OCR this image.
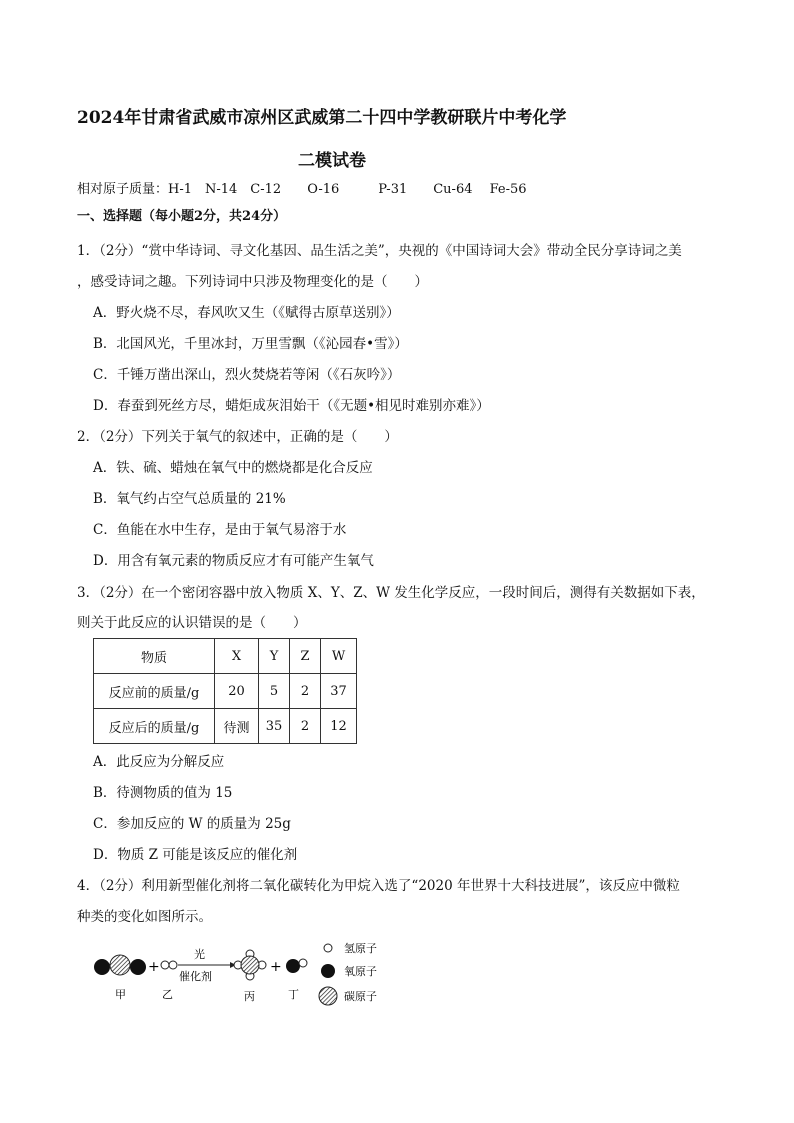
2024年甘肃省武威市凉州区武威第二十四中学教研联片中考化学
二模试卷
相对原子质量：H-1　N-14　C-12　　O-16　　　P-31　　Cu-64　 Fe-56
一、选择题（每小题2分，共24分）
1．（2分）“赏中华诗词、寻文化基因、品生活之美”，央视的《中国诗词大会》带动全民分享诗词之美
，感受诗词之趣。下列诗词中只涉及物理变化的是（　　）
A．野火烧不尽，春风吹又生（《赋得古原草送别》）
B．北国风光，千里冰封，万里雪飘（《沁园春•雪》）
C．千锤万凿出深山，烈火焚烧若等闲（《石灰吟》）
D．春蚕到死丝方尽，蜡炬成灰泪始干（《无题•相见时难别亦难》）
2．（2分）下列关于氧气的叙述中，正确的是（　　）
A．铁、硫、蜡烛在氧气中的燃烧都是化合反应
B．氧气约占空气总质量的 21%
C．鱼能在水中生存，是由于氧气易溶于水
D．用含有氧元素的物质反应才有可能产生氧气
3．（2分）在一个密闭容器中放入物质 X、Y、Z、W 发生化学反应，一段时间后，测得有关数据如下表，
则关于此反应的认识错误的是（　　）
物质	X	Y	Z	W
反应前的质量/g	20	5	2	37
反应后的质量/g	待测	35	2	12
A．此反应为分解反应
B．待测物质的值为 15
C．参加反应的 W 的质量为 25g
D．物质 Z 可能是该反应的催化剂
4．（2分）利用新型催化剂将二氧化碳转化为甲烷入选了“2020 年世界十大科技进展”，该反应中微粒
种类的变化如图所示。
+
光
催化剂
+
甲	乙	丙	丁
氢原子
氧原子
碳原子
